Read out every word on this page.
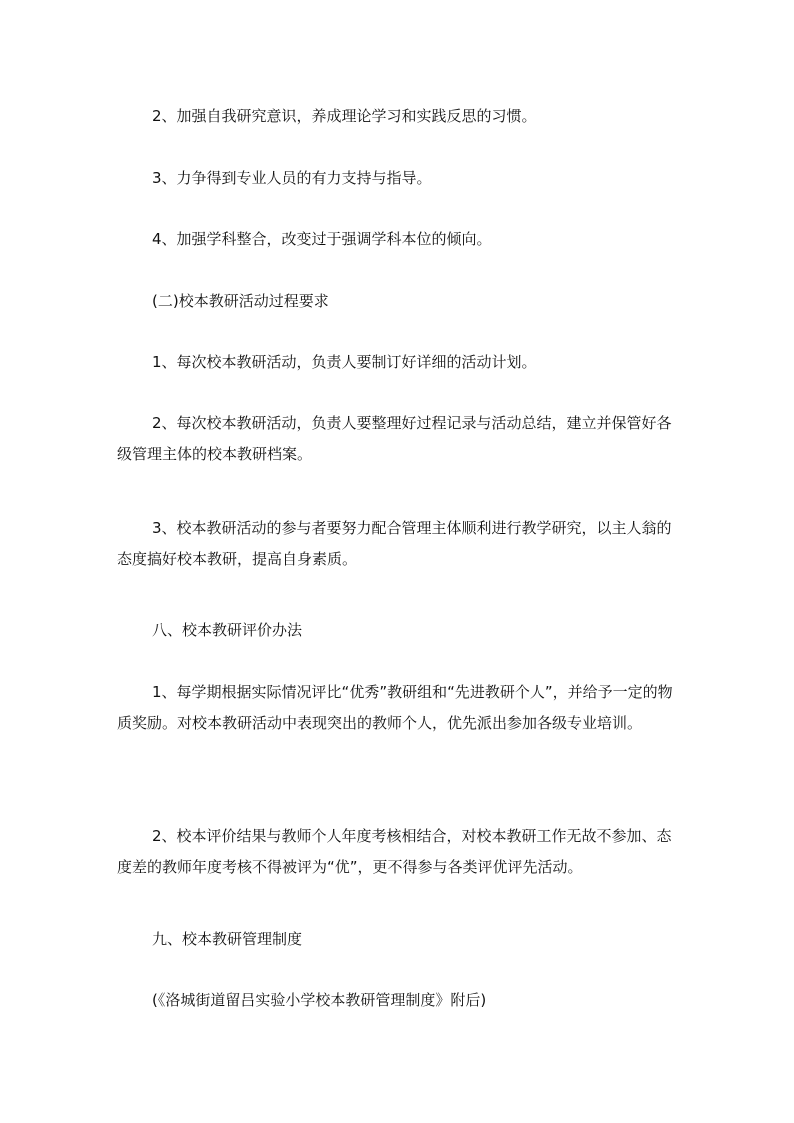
2、加强自我研究意识，养成理论学习和实践反思的习惯。

3、力争得到专业人员的有力支持与指导。

4、加强学科整合，改变过于强调学科本位的倾向。

(二)校本教研活动过程要求

1、每次校本教研活动，负责人要制订好详细的活动计划。

2、每次校本教研活动，负责人要整理好过程记录与活动总结，建立并保管好各级管理主体的校本教研档案。

3、校本教研活动的参与者要努力配合管理主体顺利进行教学研究，以主人翁的态度搞好校本教研，提高自身素质。

八、校本教研评价办法

1、每学期根据实际情况评比“优秀”教研组和“先进教研个人”，并给予一定的物质奖励。对校本教研活动中表现突出的教师个人，优先派出参加各级专业培训。

2、校本评价结果与教师个人年度考核相结合，对校本教研工作无故不参加、态度差的教师年度考核不得被评为“优”，更不得参与各类评优评先活动。

九、校本教研管理制度

(《洛城街道留吕实验小学校本教研管理制度》附后)
